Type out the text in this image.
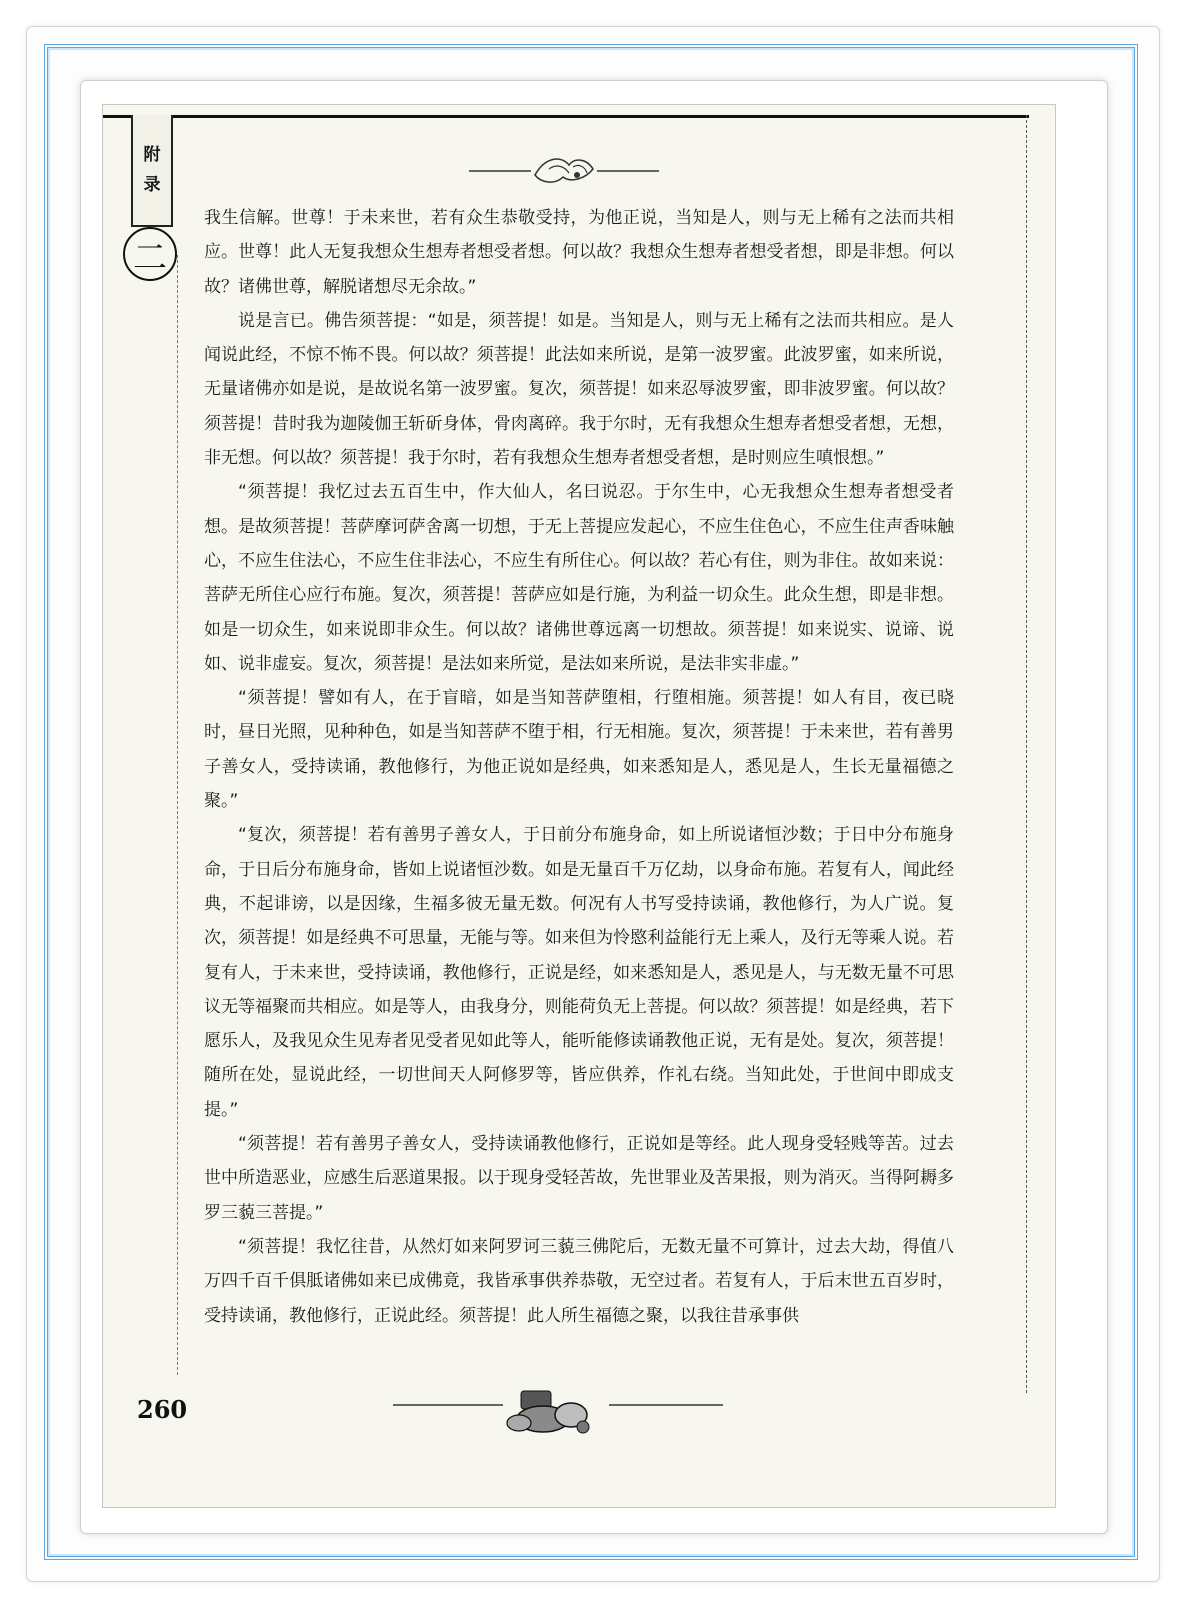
附
录
二

我生信解。世尊！于未来世，若有众生恭敬受持，为他正说，当知是人，则与无上稀有之法而共相应。世尊！此人无复我想众生想寿者想受者想。何以故？我想众生想寿者想受者想，即是非想。何以故？诸佛世尊，解脱诸想尽无余故。”

说是言已。佛告须菩提：“如是，须菩提！如是。当知是人，则与无上稀有之法而共相应。是人闻说此经，不惊不怖不畏。何以故？须菩提！此法如来所说，是第一波罗蜜。此波罗蜜，如来所说，无量诸佛亦如是说，是故说名第一波罗蜜。复次，须菩提！如来忍辱波罗蜜，即非波罗蜜。何以故？须菩提！昔时我为迦陵伽王斩斫身体，骨肉离碎。我于尔时，无有我想众生想寿者想受者想，无想，非无想。何以故？须菩提！我于尔时，若有我想众生想寿者想受者想，是时则应生嗔恨想。”

“须菩提！我忆过去五百生中，作大仙人，名曰说忍。于尔生中，心无我想众生想寿者想受者想。是故须菩提！菩萨摩诃萨舍离一切想，于无上菩提应发起心，不应生住色心，不应生住声香味触心，不应生住法心，不应生住非法心，不应生有所住心。何以故？若心有住，则为非住。故如来说：菩萨无所住心应行布施。复次，须菩提！菩萨应如是行施，为利益一切众生。此众生想，即是非想。如是一切众生，如来说即非众生。何以故？诸佛世尊远离一切想故。须菩提！如来说实、说谛、说如、说非虚妄。复次，须菩提！是法如来所觉，是法如来所说，是法非实非虚。”

“须菩提！譬如有人，在于盲暗，如是当知菩萨堕相，行堕相施。须菩提！如人有目，夜已晓时，昼日光照，见种种色，如是当知菩萨不堕于相，行无相施。复次，须菩提！于未来世，若有善男子善女人，受持读诵，教他修行，为他正说如是经典，如来悉知是人，悉见是人，生长无量福德之聚。”

“复次，须菩提！若有善男子善女人，于日前分布施身命，如上所说诸恒沙数；于日中分布施身命，于日后分布施身命，皆如上说诸恒沙数。如是无量百千万亿劫，以身命布施。若复有人，闻此经典，不起诽谤，以是因缘，生福多彼无量无数。何况有人书写受持读诵，教他修行，为人广说。复次，须菩提！如是经典不可思量，无能与等。如来但为怜愍利益能行无上乘人，及行无等乘人说。若复有人，于未来世，受持读诵，教他修行，正说是经，如来悉知是人，悉见是人，与无数无量不可思议无等福聚而共相应。如是等人，由我身分，则能荷负无上菩提。何以故？须菩提！如是经典，若下愿乐人，及我见众生见寿者见受者见如此等人，能听能修读诵教他正说，无有是处。复次，须菩提！随所在处，显说此经，一切世间天人阿修罗等，皆应供养，作礼右绕。当知此处，于世间中即成支提。”

“须菩提！若有善男子善女人，受持读诵教他修行，正说如是等经。此人现身受轻贱等苦。过去世中所造恶业，应感生后恶道果报。以于现身受轻苦故，先世罪业及苦果报，则为消灭。当得阿耨多罗三藐三菩提。”

“须菩提！我忆往昔，从然灯如来阿罗诃三藐三佛陀后，无数无量不可算计，过去大劫，得值八万四千百千俱胝诸佛如来已成佛竟，我皆承事供养恭敬，无空过者。若复有人，于后末世五百岁时，受持读诵，教他修行，正说此经。须菩提！此人所生福德之聚，以我往昔承事供

260
